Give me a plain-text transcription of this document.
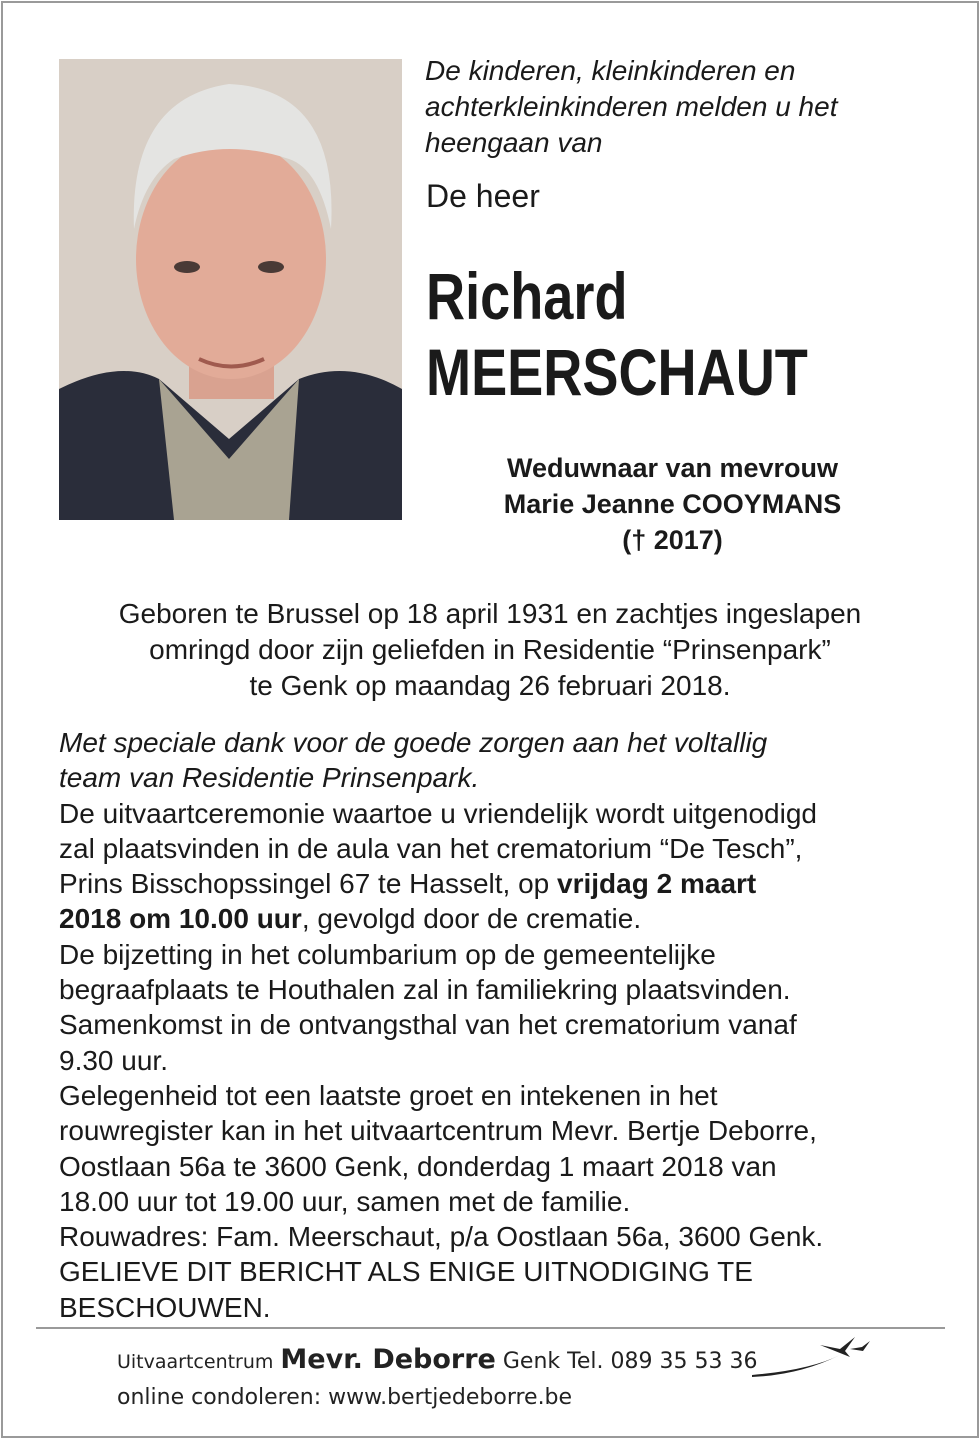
De kinderen, kleinkinderen en
achterkleinkinderen melden u het
heengaan van
De heer
Richard
MEERSCHAUT
Weduwnaar van mevrouw
Marie Jeanne COOYMANS
(† 2017)
Geboren te Brussel op 18 april 1931 en zachtjes ingeslapen
omringd door zijn geliefden in Residentie “Prinsenpark”
te Genk op maandag 26 februari 2018.
Met speciale dank voor de goede zorgen aan het voltallig
team van Residentie Prinsenpark.
De uitvaartceremonie waartoe u vriendelijk wordt uitgenodigd
zal plaatsvinden in de aula van het crematorium “De Tesch”,
Prins Bisschopssingel 67 te Hasselt, op vrijdag 2 maart
2018 om 10.00 uur, gevolgd door de crematie.
De bijzetting in het columbarium op de gemeentelijke
begraafplaats te Houthalen zal in familiekring plaatsvinden.
Samenkomst in de ontvangsthal van het crematorium vanaf
9.30 uur.
Gelegenheid tot een laatste groet en intekenen in het
rouwregister kan in het uitvaartcentrum Mevr. Bertje Deborre,
Oostlaan 56a te 3600 Genk, donderdag 1 maart 2018 van
18.00 uur tot 19.00 uur, samen met de familie.
Rouwadres: Fam. Meerschaut, p/a Oostlaan 56a, 3600 Genk.
GELIEVE DIT BERICHT ALS ENIGE UITNODIGING TE
BESCHOUWEN.
Uitvaartcentrum Mevr. Deborre Genk Tel. 089 35 53 36
online condoleren: www.bertjedeborre.be
